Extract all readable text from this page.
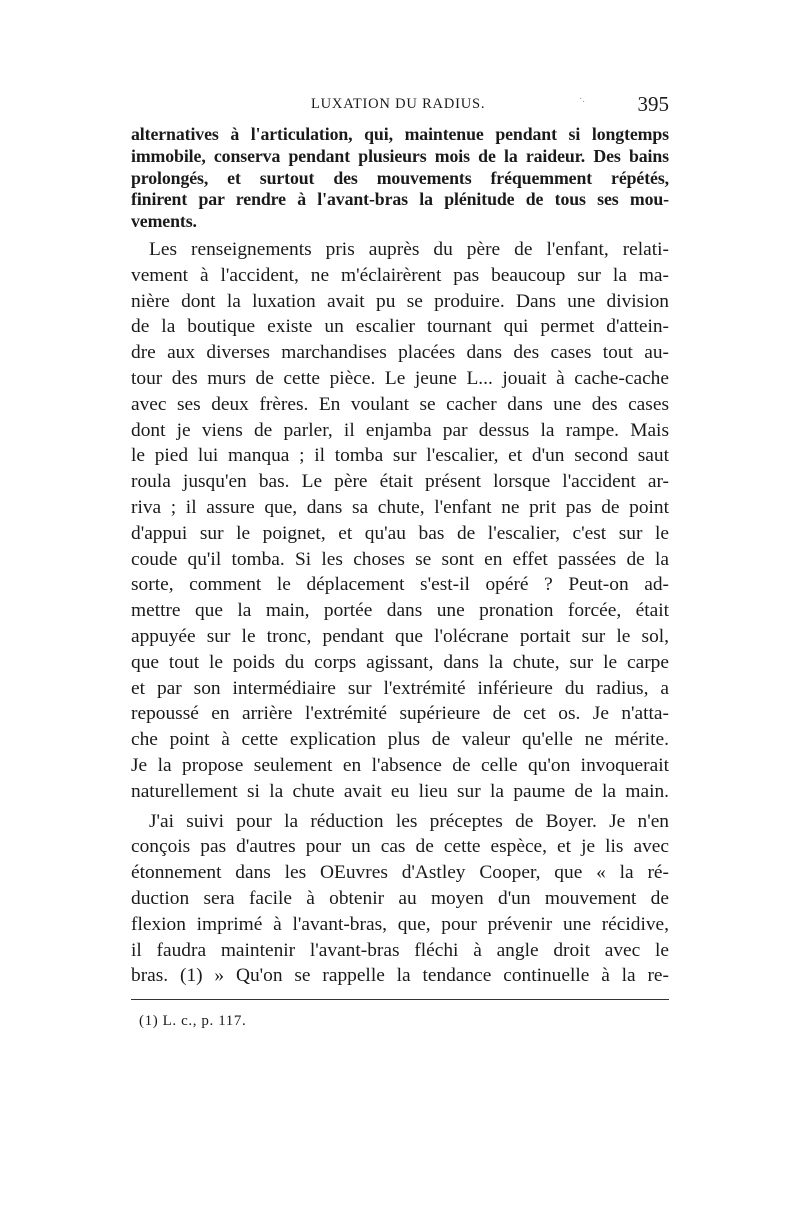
LUXATION DU RADIUS.	·.	395

alternatives à l'articulation, qui, maintenue pendant si longtemps
immobile, conserva pendant plusieurs mois de la raideur. Des bains
prolongés, et surtout des mouvements fréquemment répétés,
finirent par rendre à l'avant-bras la plénitude de tous ses mou-
vements.

Les renseignements pris auprès du père de l'enfant, relati-
vement à l'accident, ne m'éclairèrent pas beaucoup sur la ma-
nière dont la luxation avait pu se produire. Dans une division
de la boutique existe un escalier tournant qui permet d'attein-
dre aux diverses marchandises placées dans des cases tout au-
tour des murs de cette pièce. Le jeune L... jouait à cache-cache
avec ses deux frères. En voulant se cacher dans une des cases
dont je viens de parler, il enjamba par dessus la rampe. Mais
le pied lui manqua ; il tomba sur l'escalier, et d'un second saut
roula jusqu'en bas. Le père était présent lorsque l'accident ar-
riva ; il assure que, dans sa chute, l'enfant ne prit pas de point
d'appui sur le poignet, et qu'au bas de l'escalier, c'est sur le
coude qu'il tomba. Si les choses se sont en effet passées de la
sorte, comment le déplacement s'est-il opéré ? Peut-on ad-
mettre que la main, portée dans une pronation forcée, était
appuyée sur le tronc, pendant que l'olécrane portait sur le sol,
que tout le poids du corps agissant, dans la chute, sur le carpe
et par son intermédiaire sur l'extrémité inférieure du radius, a
repoussé en arrière l'extrémité supérieure de cet os. Je n'atta-
che point à cette explication plus de valeur qu'elle ne mérite.
Je la propose seulement en l'absence de celle qu'on invoquerait
naturellement si la chute avait eu lieu sur la paume de la main.

J'ai suivi pour la réduction les préceptes de Boyer. Je n'en
conçois pas d'autres pour un cas de cette espèce, et je lis avec
étonnement dans les OEuvres d'Astley Cooper, que « la ré-
duction sera facile à obtenir au moyen d'un mouvement de
flexion imprimé à l'avant-bras, que, pour prévenir une récidive,
il faudra maintenir l'avant-bras fléchi à angle droit avec le
bras. (1) » Qu'on se rappelle la tendance continuelle à la re-

(1) L. c., p. 117.
